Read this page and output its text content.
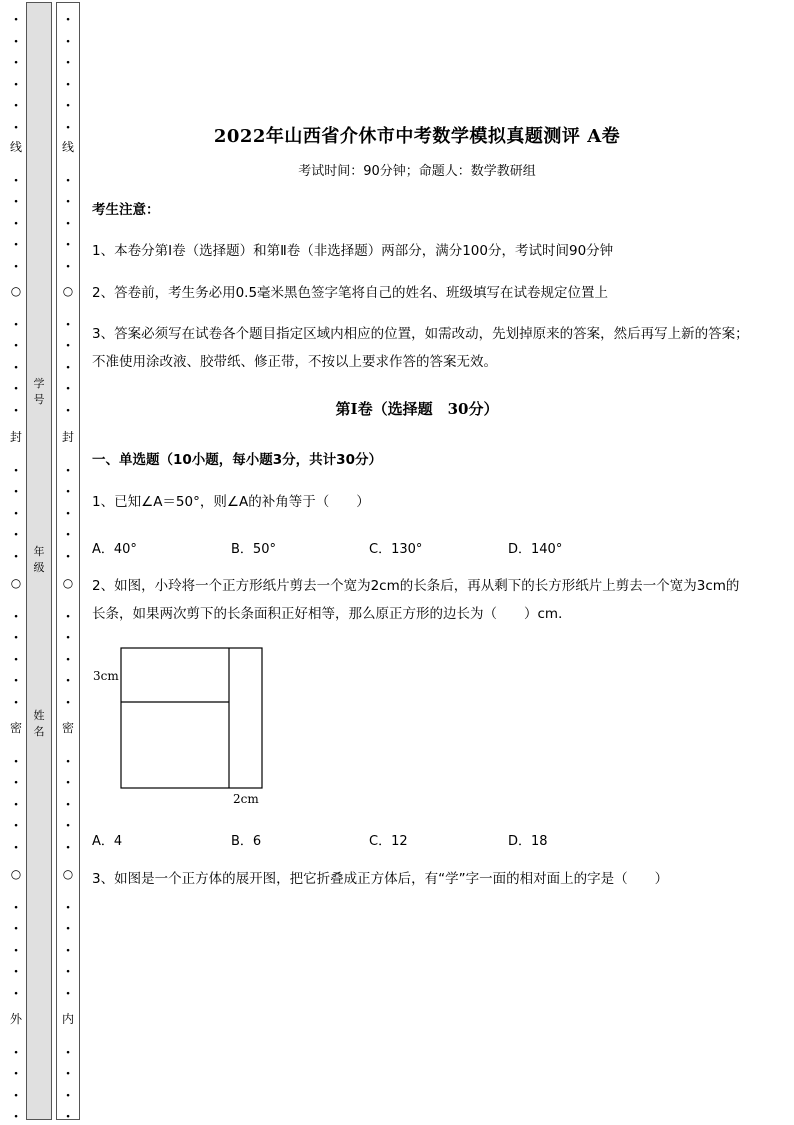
·
·
·
·
·
·
线
·
·
·
·
·
○
·
·
·
·
·
封
·
·
·
·
·
○
·
·
·
·
·
密
·
·
·
·
·
○
·
·
·
·
·
外
·
·
·
·
学号
年级
姓名
·
·
·
·
·
·
线
·
·
·
·
·
○
·
·
·
·
·
封
·
·
·
·
·
○
·
·
·
·
·
密
·
·
·
·
·
○
·
·
·
·
·
内
·
·
·
·
2022年山西省介休市中考数学模拟真题测评 A卷
考试时间：90分钟；命题人：数学教研组
考生注意：
1、本卷分第I卷（选择题）和第Ⅱ卷（非选择题）两部分，满分100分，考试时间90分钟
2、答卷前，考生务必用0.5毫米黑色签字笔将自己的姓名、班级填写在试卷规定位置上
3、答案必须写在试卷各个题目指定区域内相应的位置，如需改动，先划掉原来的答案，然后再写上新的答案；不准使用涂改液、胶带纸、修正带，不按以上要求作答的答案无效。
第I卷（选择题　30分）
一、单选题（10小题，每小题3分，共计30分）
1、已知∠A＝50°，则∠A的补角等于（　　）
A．40°	B．50°	C．130°	D．140°
2、如图，小玲将一个正方形纸片剪去一个宽为2cm的长条后，再从剩下的长方形纸片上剪去一个宽为3cm的长条，如果两次剪下的长条面积正好相等，那么原正方形的边长为（　　）cm．
3cm
2cm
A．4	B．6	C．12	D．18
3、如图是一个正方体的展开图，把它折叠成正方体后，有“学”字一面的相对面上的字是（　　）
